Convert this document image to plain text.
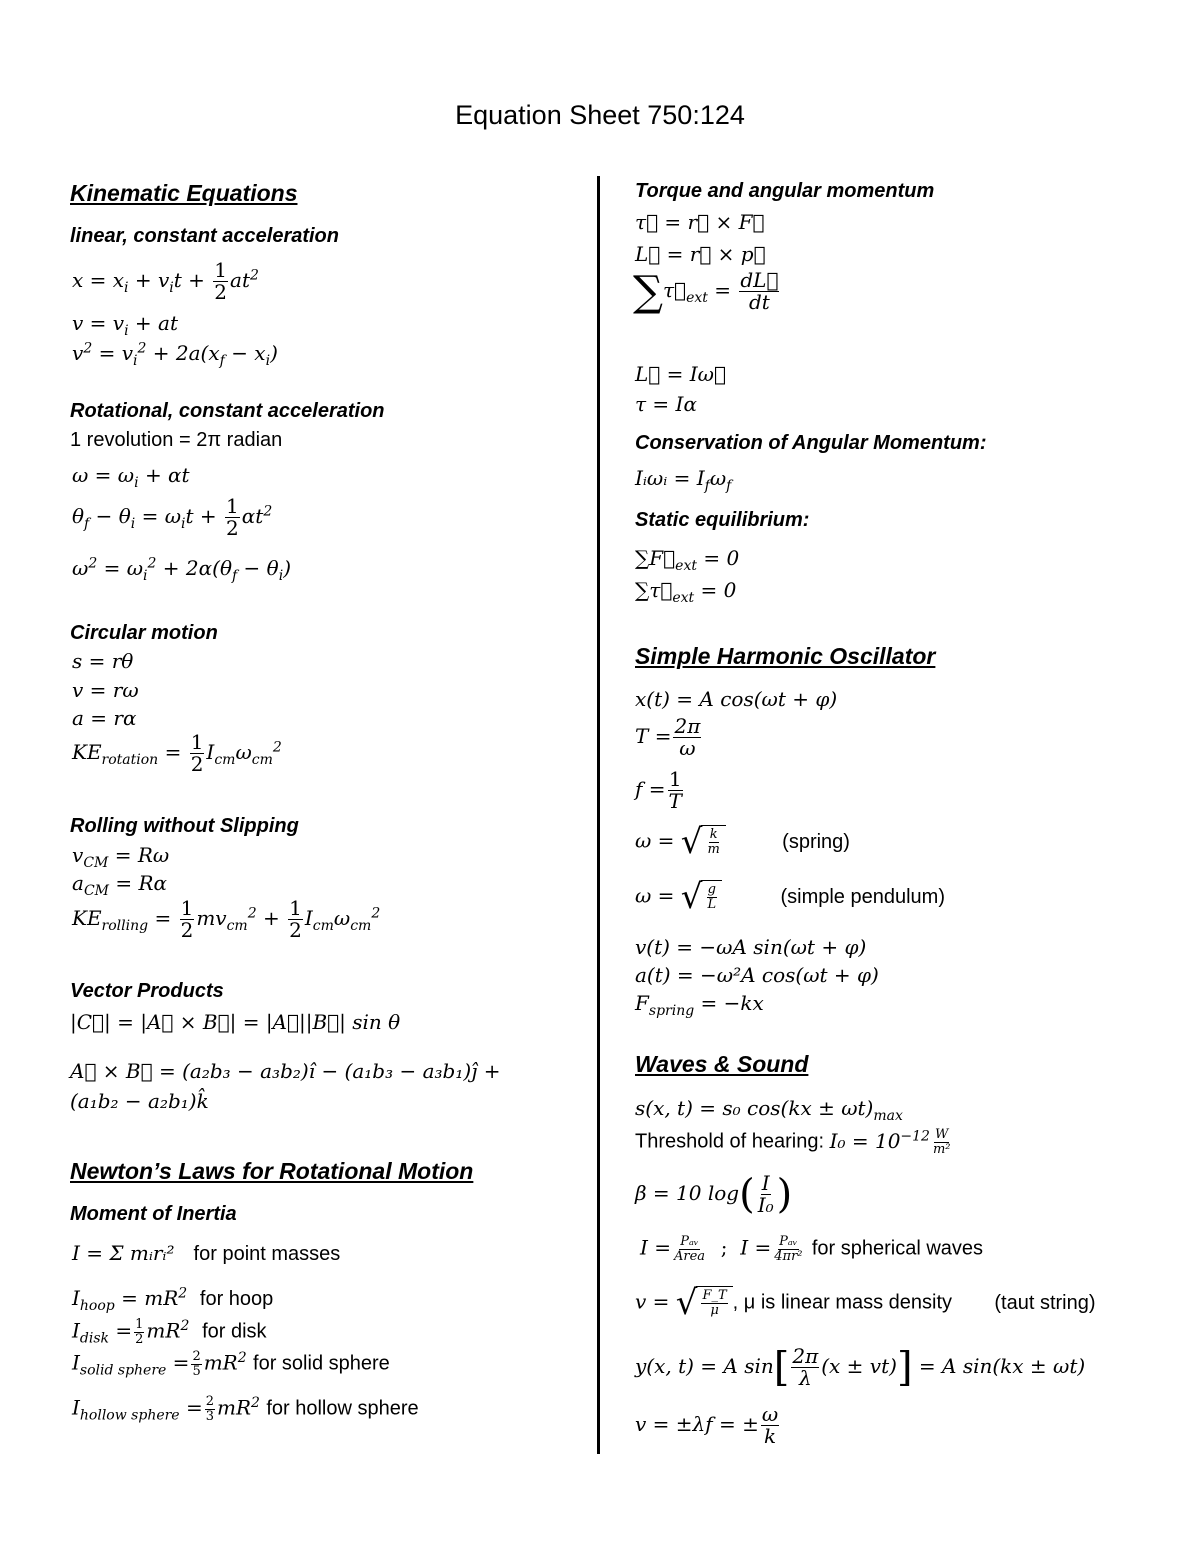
Equation Sheet 750:124
Kinematic Equations
linear, constant acceleration
$x = x_i + v_it + \frac{1}{2} at^2$
$v = v_i$ + at
$v^2 = v_i^2 + 2a(x_f - x_i)$
Rotational, constant acceleration
1 revolution = 2π radian
$\omega = \omega_i + \alpha t$
$\theta_f - \theta_i = \omega_it + \frac{1}{2} \alpha t^2$
$\omega^2 = \omega_i^2 + 2\alpha(\theta_f - \theta_i)$
Circular motion
s = rθ
v = rω
a = rα
$KE_{rotation} = \frac{1}{2} I_{cm}\omega_{cm}^2$
Rolling without Slipping
$v_{CM} = R\omega$
$a_{CM} = R\alpha$
$KE_{rolling} = \frac{1}{2} mv_{cm}^2 + \frac{1}{2} I_{cm}\omega_{cm}^2$
Vector Products
|C⃗| = |A⃗ × B⃗| = |A⃗||B⃗| sin θ
A⃗ × B⃗ = (a₂b₃ − a₃b₂)î − (a₁b₃ − a₃b₁)ĵ +
(a₁b₂ − a₂b₁)k̂
Newton’s Laws for Rotational Motion
Moment of Inertia
I = Σ mᵢrᵢ² for point masses
$I_{hoop} = mR^2$ for hoop
$I_{disk} = \frac{1}{2} mR^2$ for disk
$I_{solid sphere} = \frac{2}{5} mR^2$ for solid sphere
$I_{hollow sphere} = \frac{2}{3} mR^2$ for hollow sphere
Torque and angular momentum
τ⃗ = r⃗ × F⃗
L⃗ = r⃗ × p⃗
$\sum\tau⃗_{ext} = \frac{dL⃗}{dt}$
L⃗ = Iω⃗
τ = Iα
Conservation of Angular Momentum:
Iᵢωᵢ = $I_f\omega_f$
Static equilibrium:
$\sum F⃗_{ext} = 0$
$\sum\tau⃗_{ext} = 0$
Simple Harmonic Oscillator
x(t) = A cos(ωt + φ)
$T = \frac{2\pi}{\omega}$
$f = \frac{1}{T}$
ω = √ $\frac{k}{m}$	(spring)
ω = √ $\frac{g}{L}$	(simple pendulum)
v(t) = −ωA sin(ωt + φ)
a(t) = −ω²A cos(ωt + φ)
$F_{spring} = -kx$
Waves & Sound
s(x, t) = s₀ $\cos(kx \pm \omega t)_{max}$
Threshold of hearing: $I_0 = 10^{-12} \frac{W}{\text{m²}}$
β = 10 $\log( \frac{I}{\text{I₀}}$ )
$I = \frac{\text{Pₐᵥ}}{\text{Area}}$ ; $I = \frac{\text{Pₐᵥ}}{\text{4πr²}}$ for spherical waves
v = √ $\frac{F\_T}{\mu}$ , μ is linear mass density (taut string)
y(x, t) = A $\sin[ \frac{2\pi}{\lambda} (x \pm vt)] = A$ sin(kx ± ωt)
v = ±λf = ± $\frac{\omega}{k}$
